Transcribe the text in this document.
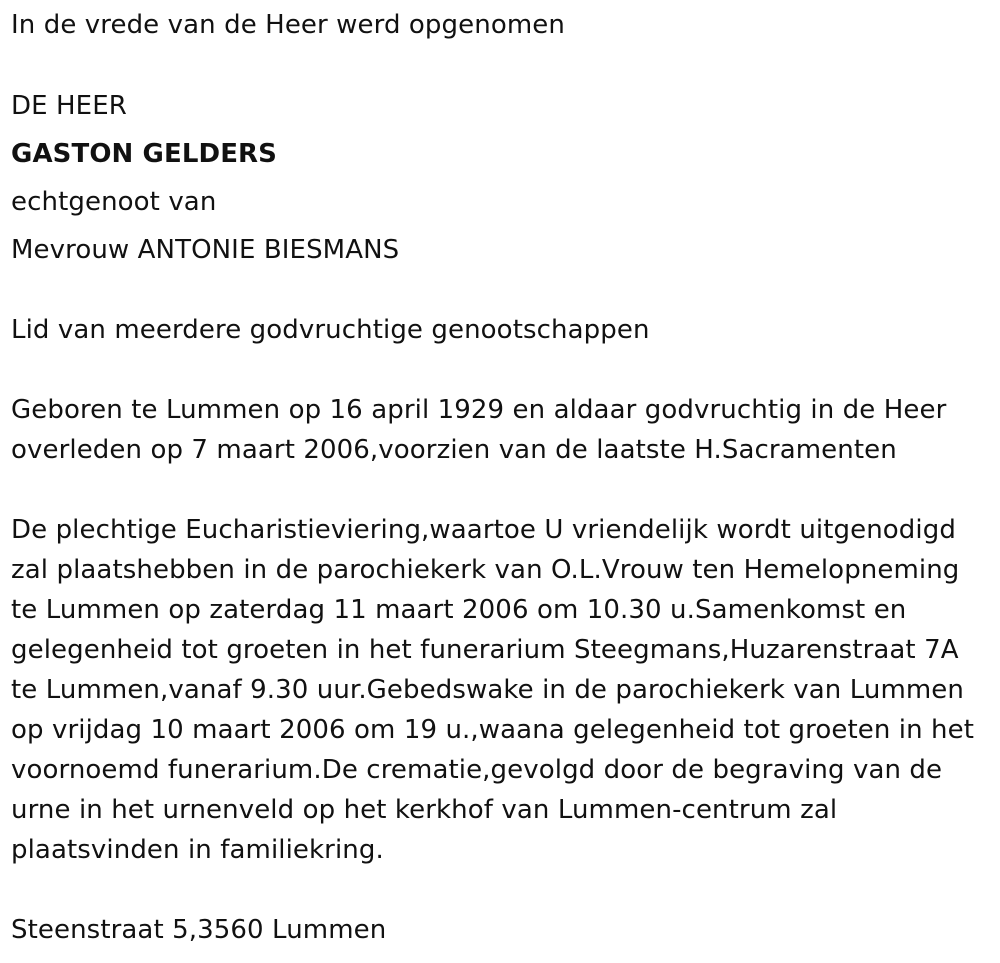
In de vrede van de Heer werd opgenomen
DE HEER
GASTON GELDERS
echtgenoot van
Mevrouw ANTONIE BIESMANS
Lid van meerdere godvruchtige genootschappen
Geboren te Lummen op 16 april 1929 en aldaar godvruchtig in de Heer
overleden op 7 maart 2006,voorzien van de laatste H.Sacramenten
De plechtige Eucharistieviering,waartoe U vriendelijk wordt uitgenodigd
zal plaatshebben in de parochiekerk van O.L.Vrouw ten Hemelopneming
te Lummen op zaterdag 11 maart 2006 om 10.30 u.Samenkomst en
gelegenheid tot groeten in het funerarium Steegmans,Huzarenstraat 7A
te Lummen,vanaf 9.30 uur.Gebedswake in de parochiekerk van Lummen
op vrijdag 10 maart 2006 om 19 u.,waana gelegenheid tot groeten in het
voornoemd funerarium.De crematie,gevolgd door de begraving van de
urne in het urnenveld op het kerkhof van Lummen-centrum zal
plaatsvinden in familiekring.
Steenstraat 5,3560 Lummen
